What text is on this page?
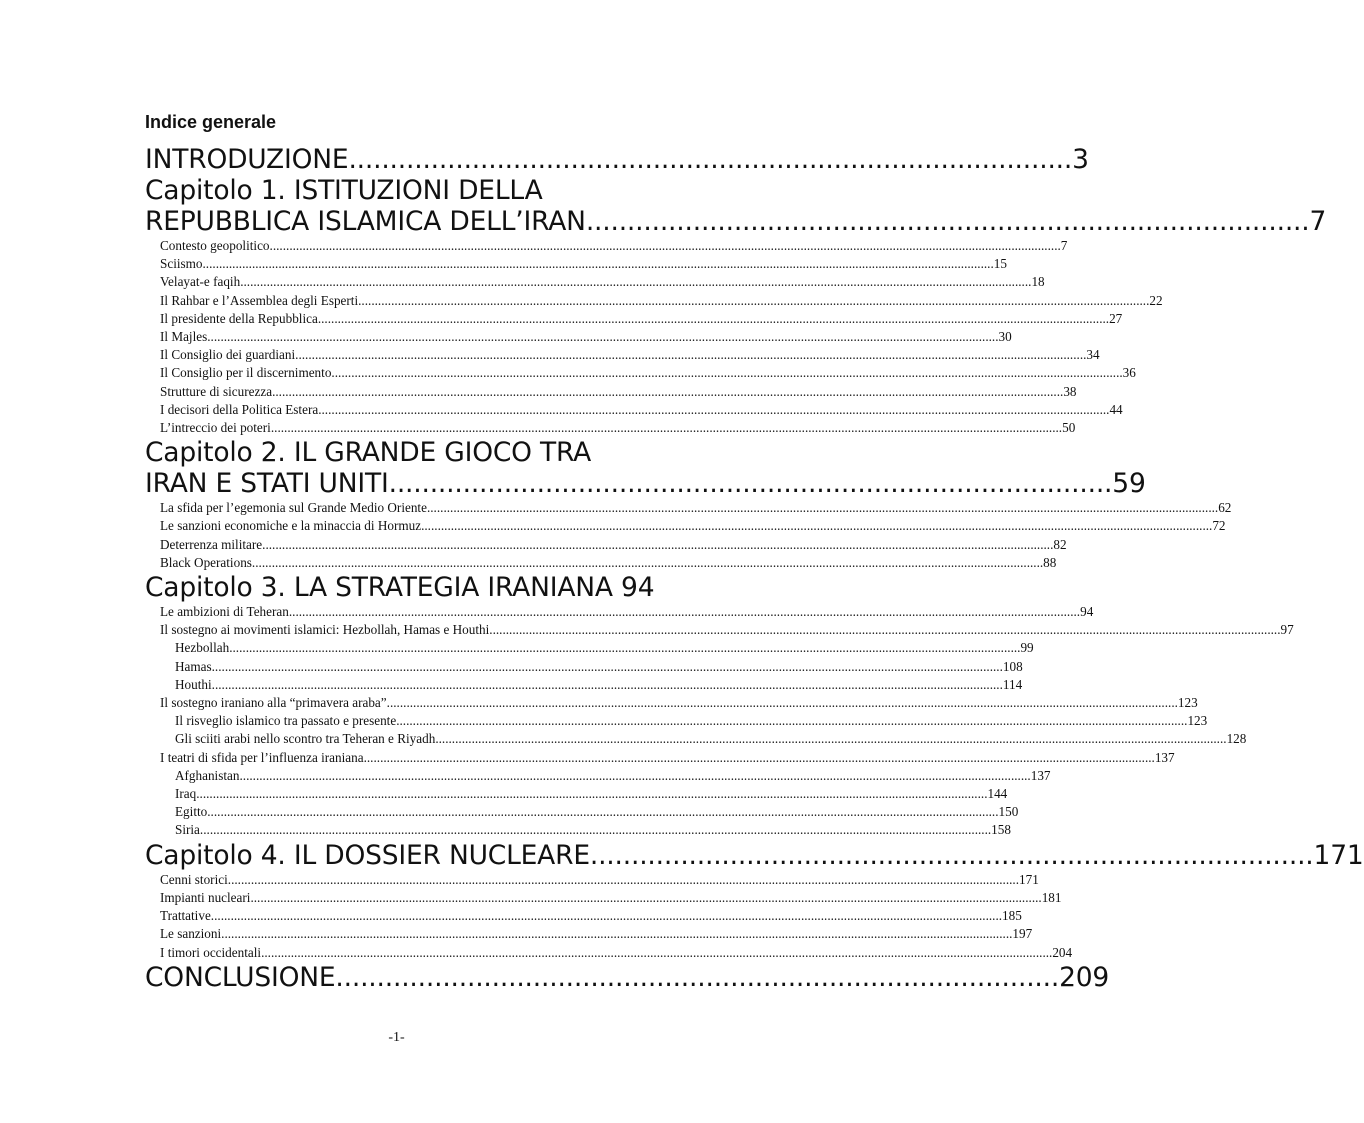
Indice generale
INTRODUZIONE ........................................................................................ 3
Capitolo 1. ISTITUZIONI DELLA
REPUBBLICA ISLAMICA DELL’IRAN ........................................................................................ 7
Contesto geopolitico ................................................................................................................................................................................................................................................ 7
Sciismo ................................................................................................................................................................................................................................................ 15
Velayat-e faqih ................................................................................................................................................................................................................................................ 18
Il Rahbar e l’Assemblea degli Esperti ................................................................................................................................................................................................................................................ 22
Il presidente della Repubblica ................................................................................................................................................................................................................................................ 27
Il Majles ................................................................................................................................................................................................................................................ 30
Il Consiglio dei guardiani ................................................................................................................................................................................................................................................ 34
Il Consiglio per il discernimento ................................................................................................................................................................................................................................................ 36
Strutture di sicurezza ................................................................................................................................................................................................................................................ 38
I decisori della Politica Estera ................................................................................................................................................................................................................................................ 44
L’intreccio dei poteri ................................................................................................................................................................................................................................................ 50
Capitolo 2. IL GRANDE GIOCO TRA
IRAN E STATI UNITI ........................................................................................ 59
La sfida per l’egemonia sul Grande Medio Oriente ................................................................................................................................................................................................................................................ 62
Le sanzioni economiche e la minaccia di Hormuz ................................................................................................................................................................................................................................................ 72
Deterrenza militare ................................................................................................................................................................................................................................................ 82
Black Operations ................................................................................................................................................................................................................................................ 88
Capitolo 3. LA STRATEGIA IRANIANA 94
Le ambizioni di Teheran ................................................................................................................................................................................................................................................ 94
Il sostegno ai movimenti islamici: Hezbollah, Hamas e Houthi ................................................................................................................................................................................................................................................ 97
Hezbollah ................................................................................................................................................................................................................................................ 99
Hamas ................................................................................................................................................................................................................................................ 108
Houthi ................................................................................................................................................................................................................................................ 114
Il sostegno iraniano alla “primavera araba” ................................................................................................................................................................................................................................................ 123
Il risveglio islamico tra passato e presente ................................................................................................................................................................................................................................................ 123
Gli sciiti arabi nello scontro tra Teheran e Riyadh ................................................................................................................................................................................................................................................ 128
I teatri di sfida per l’influenza iraniana ................................................................................................................................................................................................................................................ 137
Afghanistan ................................................................................................................................................................................................................................................ 137
Iraq ................................................................................................................................................................................................................................................ 144
Egitto ................................................................................................................................................................................................................................................ 150
Siria ................................................................................................................................................................................................................................................ 158
Capitolo 4. IL DOSSIER NUCLEARE ........................................................................................ 171
Cenni storici ................................................................................................................................................................................................................................................ 171
Impianti nucleari ................................................................................................................................................................................................................................................ 181
Trattative ................................................................................................................................................................................................................................................ 185
Le sanzioni ................................................................................................................................................................................................................................................ 197
I timori occidentali ................................................................................................................................................................................................................................................ 204
CONCLUSIONE ........................................................................................ 209
-1-
